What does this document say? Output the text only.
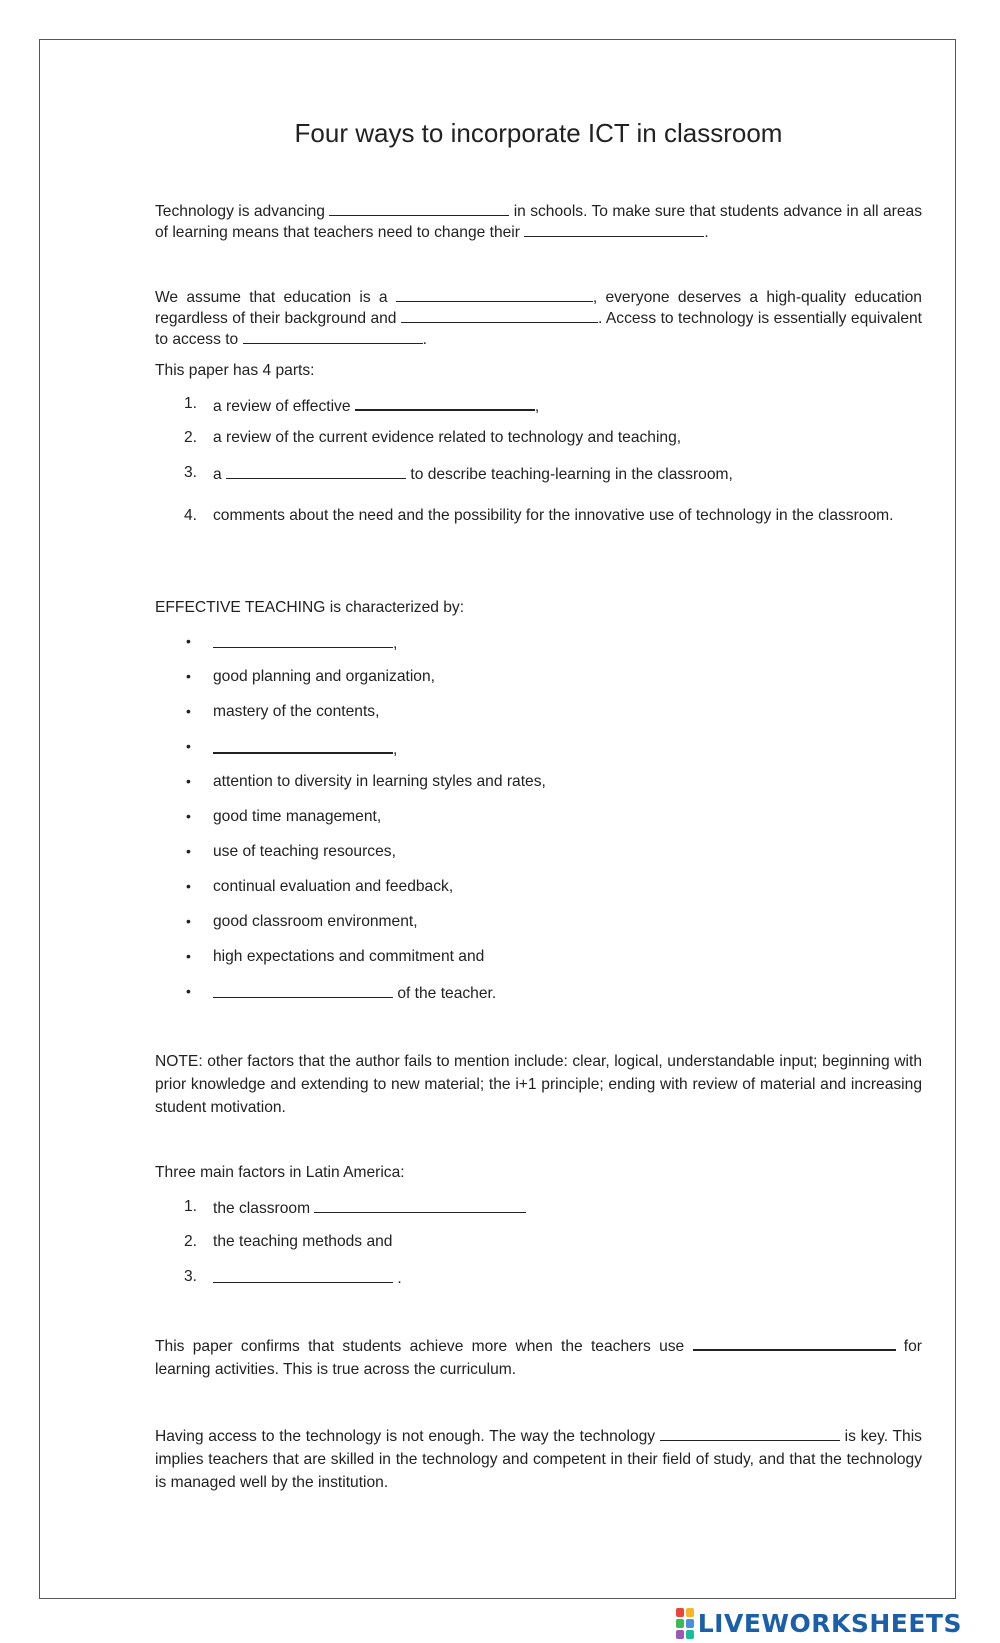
Four ways to incorporate ICT in classroom
Technology is advancing	in schools. To make sure that students advance in all areas of learning means that teachers need to change their	.
We assume that education is a	, everyone deserves a high-quality education regardless of their background and	. Access to technology is essentially equivalent to access to	.
This paper has 4 parts:
1. a review of effective	,
2. a review of the current evidence related to technology and teaching,
3. a	to describe teaching-learning in the classroom,
4. comments about the need and the possibility for the innovative use of technology in the classroom.
EFFECTIVE TEACHING is characterized by:
•	,
• good planning and organization,
• mastery of the contents,
•	,
• attention to diversity in learning styles and rates,
• good time management,
• use of teaching resources,
• continual evaluation and feedback,
• good classroom environment,
• high expectations and commitment and
•	of the teacher.
NOTE: other factors that the author fails to mention include: clear, logical, understandable input; beginning with prior knowledge and extending to new material; the i+1 principle; ending with review of material and increasing student motivation.
Three main factors in Latin America:
1. the classroom
2. the teaching methods and
3.	.
This paper confirms that students achieve more when the teachers use	for learning activities. This is true across the curriculum.
Having access to the technology is not enough. The way the technology	is key. This implies teachers that are skilled in the technology and competent in their field of study, and that the technology is managed well by the institution.
LIVEWORKSHEETS
